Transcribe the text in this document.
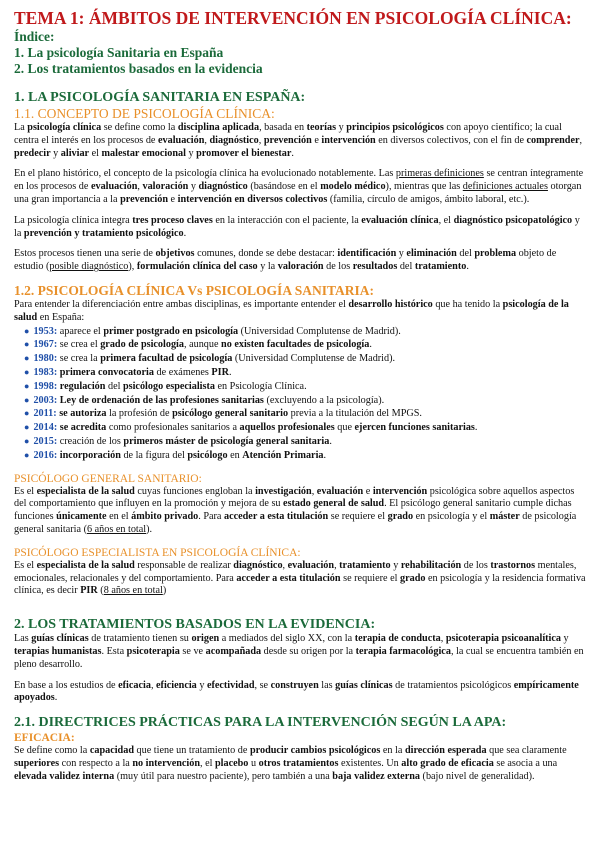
TEMA 1: ÁMBITOS DE INTERVENCIÓN EN PSICOLOGÍA CLÍNICA:
Índice:
1. La psicología Sanitaria en España
2. Los tratamientos basados en la evidencia
1. LA PSICOLOGÍA SANITARIA EN ESPAÑA:
1.1. CONCEPTO DE PSICOLOGÍA CLÍNICA:

La psicología clínica se define como la disciplina aplicada, basada en teorías y principios psicológicos con apoyo científico; la cual centra el interés en los procesos de evaluación, diagnóstico, prevención e intervención en diversos colectivos, con el fin de comprender, predecir y aliviar el malestar emocional y promover el bienestar.

En el plano histórico, el concepto de la psicología clínica ha evolucionado notablemente. Las primeras definiciones se centran íntegramente en los procesos de evaluación, valoración y diagnóstico (basándose en el modelo médico), mientras que las definiciones actuales otorgan una gran importancia a la prevención e intervención en diversos colectivos (familia, círculo de amigos, ámbito laboral, etc.).

La psicología clínica integra tres proceso claves en la interacción con el paciente, la evaluación clínica, el diagnóstico psicopatológico y la prevención y tratamiento psicológico.

Estos procesos tienen una serie de objetivos comunes, donde se debe destacar: identificación y eliminación del problema objeto de estudio (posible diagnóstico), formulación clínica del caso y la valoración de los resultados del tratamiento.

1.2. PSICOLOGÍA CLÍNICA Vs PSICOLOGÍA SANITARIA:

Para entender la diferenciación entre ambas disciplinas, es importante entender el desarrollo histórico que ha tenido la psicología de la salud en España:

● 1953: aparece el primer postgrado en psicología (Universidad Complutense de Madrid).
● 1967: se crea el grado de psicología, aunque no existen facultades de psicología.
● 1980: se crea la primera facultad de psicología (Universidad Complutense de Madrid).
● 1983: primera convocatoria de exámenes PIR.
● 1998: regulación del psicólogo especialista en Psicología Clínica.
● 2003: Ley de ordenación de las profesiones sanitarias (excluyendo a la psicología).
● 2011: se autoriza la profesión de psicólogo general sanitario previa a la titulación del MPGS.
● 2014: se acredita como profesionales sanitarios a aquellos profesionales que ejercen funciones sanitarias.
● 2015: creación de los primeros máster de psicología general sanitaria.
● 2016: incorporación de la figura del psicólogo en Atención Primaria.
PSICÓLOGO GENERAL SANITARIO:

Es el especialista de la salud cuyas funciones engloban la investigación, evaluación e intervención psicológica sobre aquellos aspectos del comportamiento que influyen en la promoción y mejora de su estado general de salud. El psicólogo general sanitario cumple dichas funciones únicamente en el ámbito privado. Para acceder a esta titulación se requiere el grado en psicología y el máster de psicología general sanitaria (6 años en total).

PSICÓLOGO ESPECIALISTA EN PSICOLOGÍA CLÍNICA:

Es el especialista de la salud responsable de realizar diagnóstico, evaluación, tratamiento y rehabilitación de los trastornos mentales, emocionales, relacionales y del comportamiento. Para acceder a esta titulación se requiere el grado en psicología y la residencia formativa clínica, es decir PIR (8 años en total)

2. LOS TRATAMIENTOS BASADOS EN LA EVIDENCIA:

Las guías clínicas de tratamiento tienen su origen a mediados del siglo XX, con la terapia de conducta, psicoterapia psicoanalítica y terapias humanistas. Esta psicoterapia se ve acompañada desde su origen por la terapia farmacológica, la cual se encuentra también en pleno desarrollo.

En base a los estudios de eficacia, eficiencia y efectividad, se construyen las guías clínicas de tratamientos psicológicos empíricamente apoyados.

2.1. DIRECTRICES PRÁCTICAS PARA LA INTERVENCIÓN SEGÚN LA APA:
EFICACIA:

Se define como la capacidad que tiene un tratamiento de producir cambios psicológicos en la dirección esperada que sea claramente superiores con respecto a la no intervención, el placebo u otros tratamientos existentes. Un alto grado de eficacia se asocia a una elevada validez interna (muy útil para nuestro paciente), pero también a una baja validez externa (bajo nivel de generalidad).
